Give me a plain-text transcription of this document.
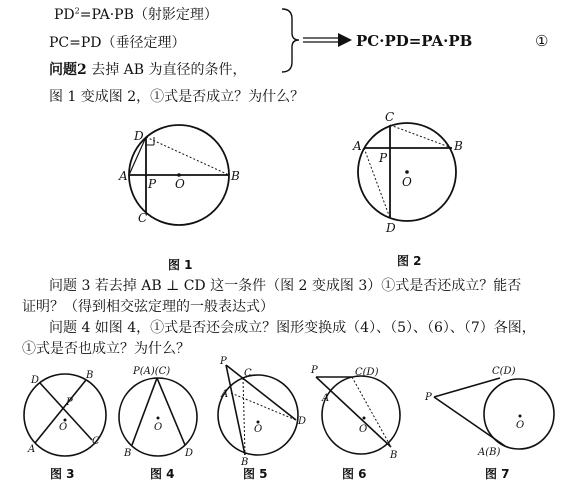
$PD^2=PA\cdot PB$（射影定理）
PC=PD（垂径定理）
问题2 去掉 AB 为直径的条件，
PC·PD=PA·PB	①
图 1 变成图 2，①式是否成立？为什么？
问题 3 若去掉 AB ⊥ CD 这一条件（图 2 变成图 3）①式是否还成立？能否
证明？（得到相交弦定理的一般表达式）
问题 4 如图 4，①式是否还会成立？图形变换成（4）、（5）、（6）、（7）各图，
①式是否也成立？为什么？
图 1	图 2
图 3	图 4	图 5	图 6	图 7
D
A
P O
B
C
C
A
P
B
O
D
D	B
P
O
A
C
P(A)(C)
O
B	D
P
C
A
O
D
B
P	C(D)
A
O
B
P
C(D)
O
A(B)
